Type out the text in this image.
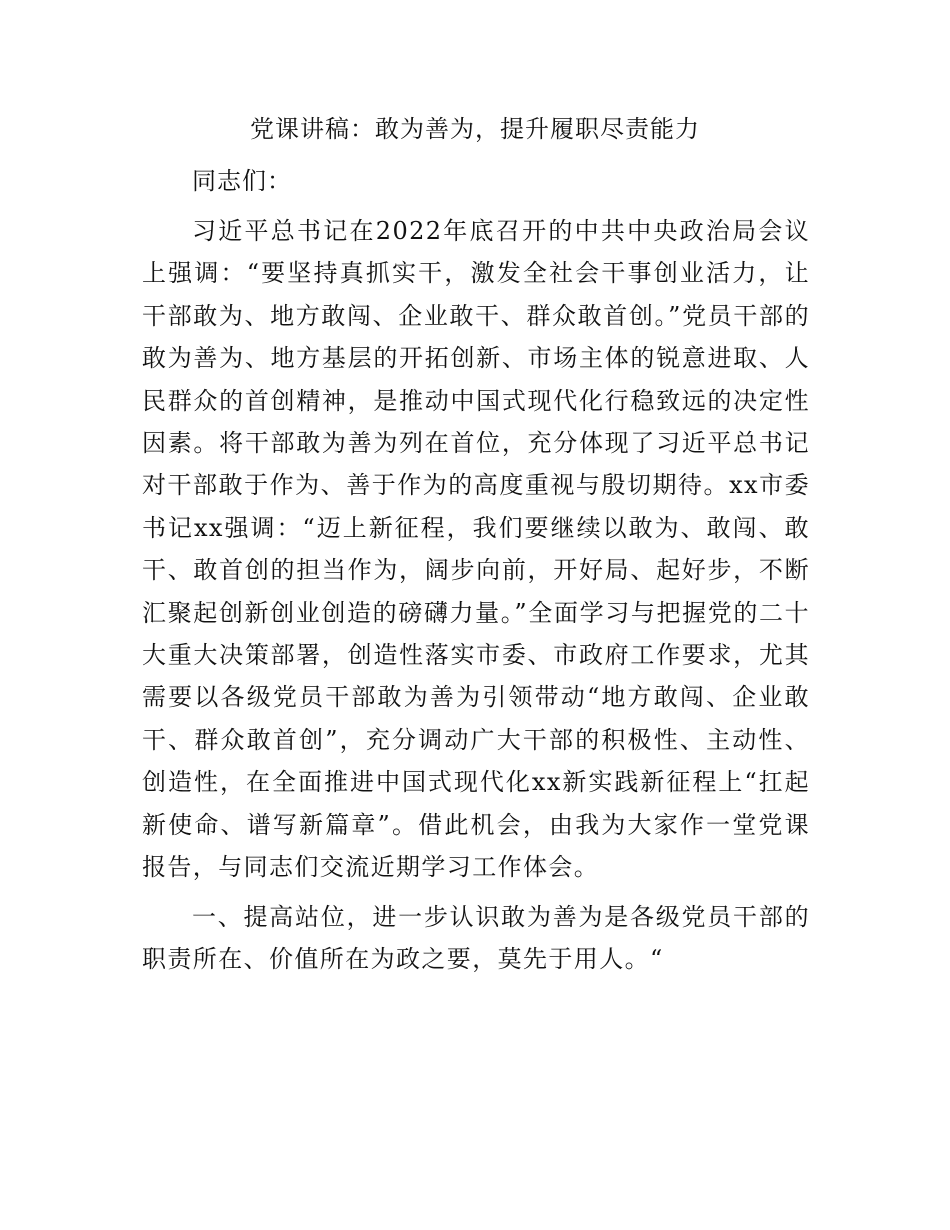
党课讲稿：敢为善为，提升履职尽责能力
同志们：

习近平总书记在2022年底召开的中共中央政治局会议上强调：“要坚持真抓实干，激发全社会干事创业活力，让干部敢为、地方敢闯、企业敢干、群众敢首创。”党员干部的敢为善为、地方基层的开拓创新、市场主体的锐意进取、人民群众的首创精神，是推动中国式现代化行稳致远的决定性因素。将干部敢为善为列在首位，充分体现了习近平总书记对干部敢于作为、善于作为的高度重视与殷切期待。xx市委书记xx强调：“迈上新征程，我们要继续以敢为、敢闯、敢干、敢首创的担当作为，阔步向前，开好局、起好步，不断汇聚起创新创业创造的磅礴力量。”全面学习与把握党的二十大重大决策部署，创造性落实市委、市政府工作要求，尤其需要以各级党员干部敢为善为引领带动“地方敢闯、企业敢干、群众敢首创”，充分调动广大干部的积极性、主动性、创造性，在全面推进中国式现代化xx新实践新征程上“扛起新使命、谱写新篇章”。借此机会，由我为大家作一堂党课报告，与同志们交流近期学习工作体会。

一、提高站位，进一步认识敢为善为是各级党员干部的职责所在、价值所在为政之要，莫先于用人。“
